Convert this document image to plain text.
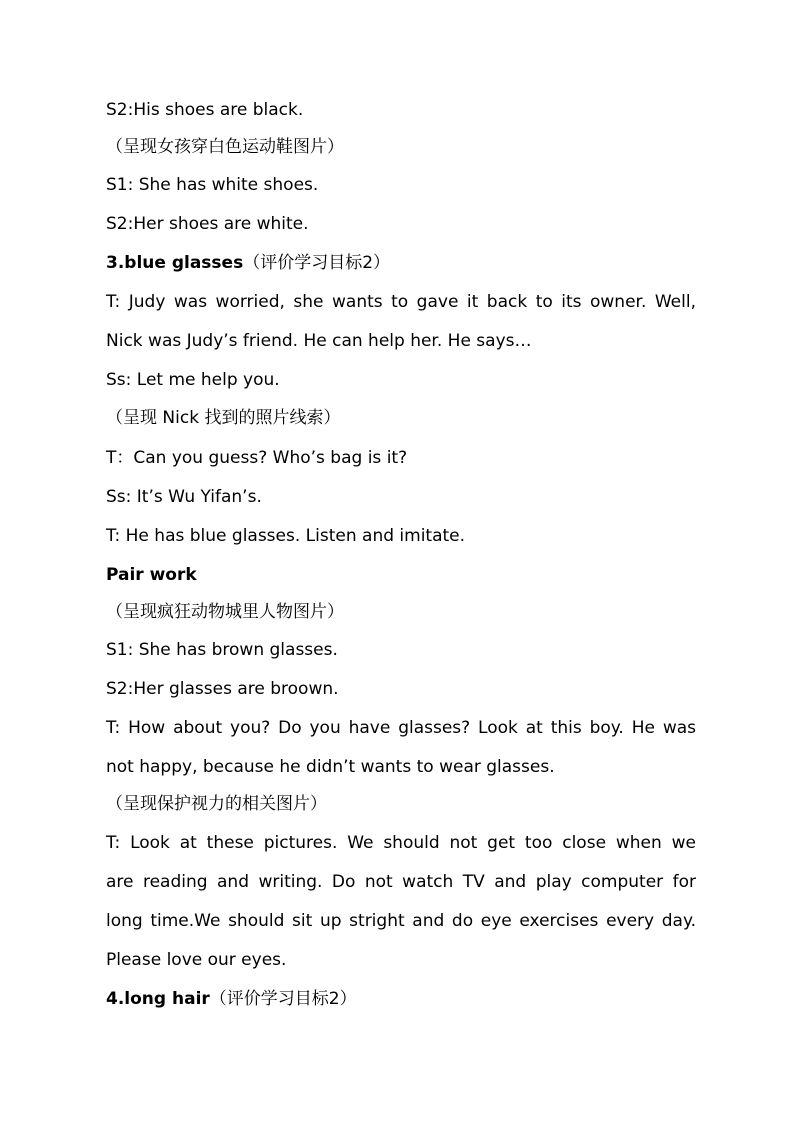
S2:His shoes are black.
（呈现女孩穿白色运动鞋图片）
S1: She has white shoes.
S2:Her shoes are white.
3.blue glasses（评价学习目标2）
T: Judy was worried, she wants to gave it back to its owner. Well,
Nick was Judy’s friend. He can help her. He says…
Ss: Let me help you.
（呈现 Nick 找到的照片线索）
T：Can you guess? Who’s bag is it?
Ss: It’s Wu Yifan’s.
T: He has blue glasses. Listen and imitate.
Pair work
（呈现疯狂动物城里人物图片）
S1: She has brown glasses.
S2:Her glasses are broown.
T: How about you? Do you have glasses? Look at this boy. He was
not happy, because he didn’t wants to wear glasses.
（呈现保护视力的相关图片）
T: Look at these pictures. We should not get too close when we
are reading and writing. Do not watch TV and play computer for
long time.We should sit up stright and do eye exercises every day.
Please love our eyes.
4.long hair（评价学习目标2）
